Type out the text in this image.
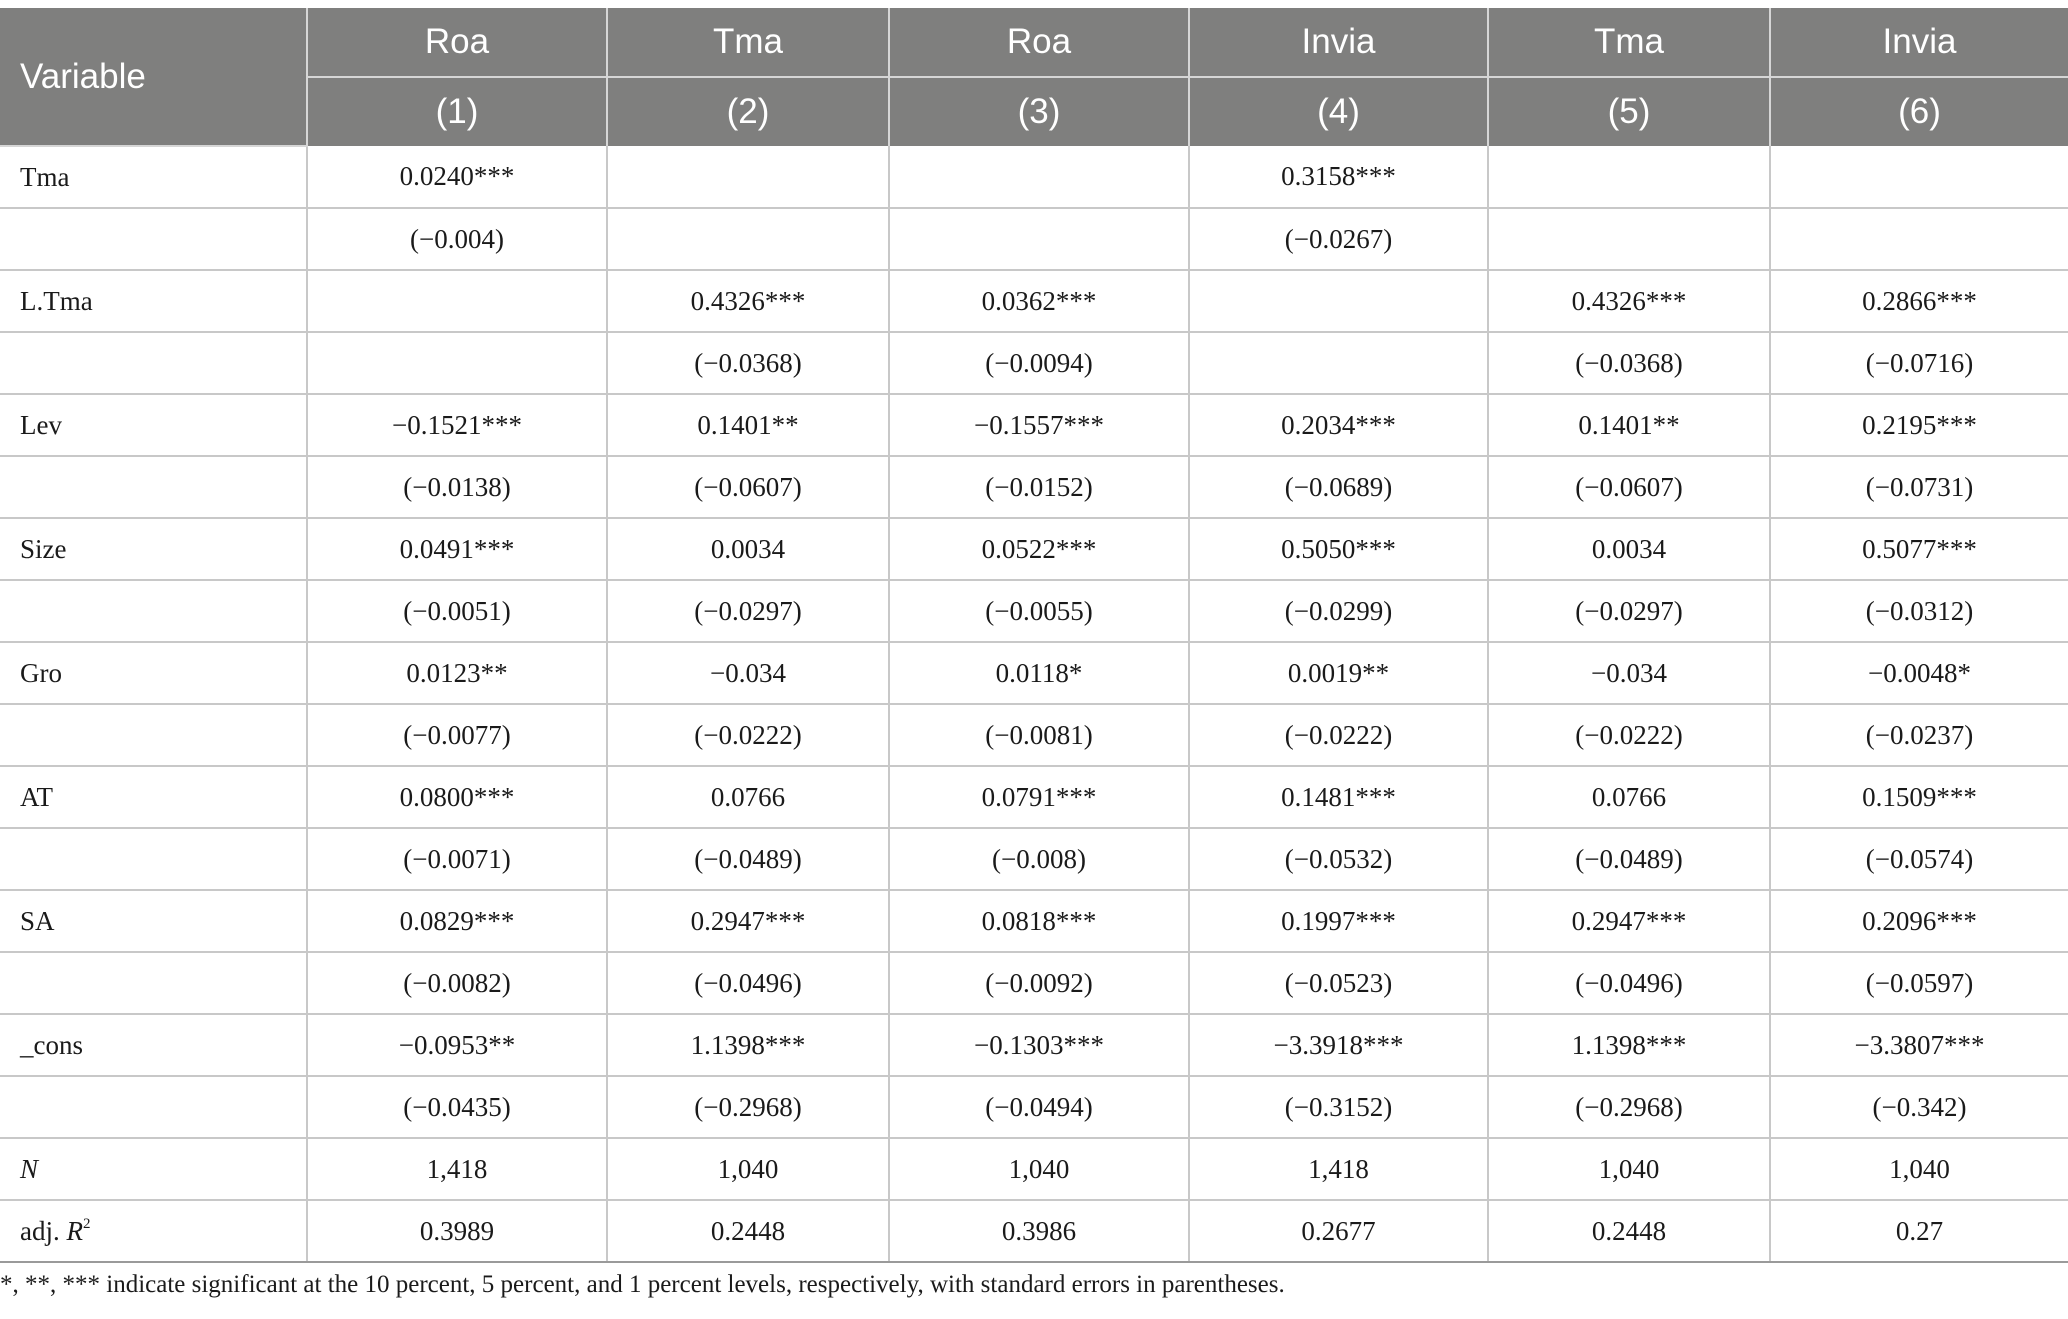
Variable	Roa	Tma	Roa	Invia	Tma	Invia
	(1)	(2)	(3)	(4)	(5)	(6)
Tma	0.0240***			0.3158***		
	(−0.004)			(−0.0267)		
L.Tma		0.4326***	0.0362***		0.4326***	0.2866***
		(−0.0368)	(−0.0094)		(−0.0368)	(−0.0716)
Lev	−0.1521***	0.1401**	−0.1557***	0.2034***	0.1401**	0.2195***
	(−0.0138)	(−0.0607)	(−0.0152)	(−0.0689)	(−0.0607)	(−0.0731)
Size	0.0491***	0.0034	0.0522***	0.5050***	0.0034	0.5077***
	(−0.0051)	(−0.0297)	(−0.0055)	(−0.0299)	(−0.0297)	(−0.0312)
Gro	0.0123**	−0.034	0.0118*	0.0019**	−0.034	−0.0048*
	(−0.0077)	(−0.0222)	(−0.0081)	(−0.0222)	(−0.0222)	(−0.0237)
AT	0.0800***	0.0766	0.0791***	0.1481***	0.0766	0.1509***
	(−0.0071)	(−0.0489)	(−0.008)	(−0.0532)	(−0.0489)	(−0.0574)
SA	0.0829***	0.2947***	0.0818***	0.1997***	0.2947***	0.2096***
	(−0.0082)	(−0.0496)	(−0.0092)	(−0.0523)	(−0.0496)	(−0.0597)
_cons	−0.0953**	1.1398***	−0.1303***	−3.3918***	1.1398***	−3.3807***
	(−0.0435)	(−0.2968)	(−0.0494)	(−0.3152)	(−0.2968)	(−0.342)
N	1,418	1,040	1,040	1,418	1,040	1,040
adj. $R^2$	0.3989	0.2448	0.3986	0.2677	0.2448	0.27
*, **, *** indicate significant at the 10 percent, 5 percent, and 1 percent levels, respectively, with standard errors in parentheses.
